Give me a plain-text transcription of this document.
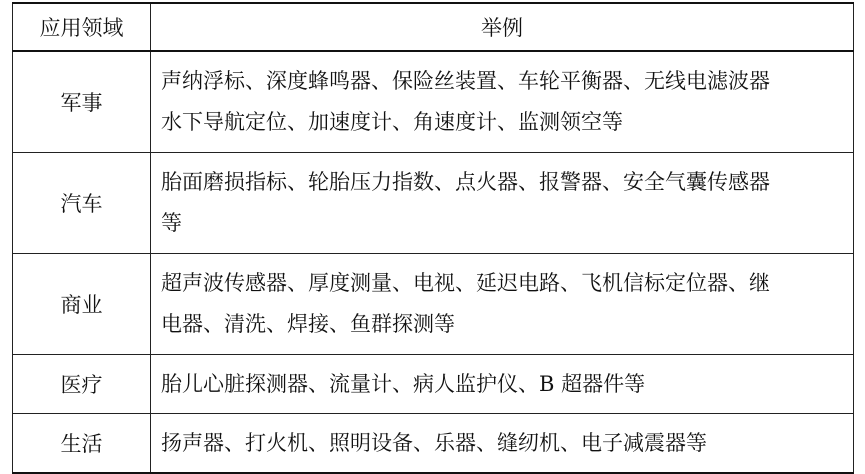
应用领域	举例
军事	声纳浮标、深度蜂鸣器、保险丝装置、车轮平衡器、无线电滤波器
水下导航定位、加速度计、角速度计、监测领空等
汽车	胎面磨损指标、轮胎压力指数、点火器、报警器、安全气囊传感器
等
商业	超声波传感器、厚度测量、电视、延迟电路、飞机信标定位器、继
电器、清洗、焊接、鱼群探测等
医疗	胎儿心脏探测器、流量计、病人监护仪、B 超器件等
生活	扬声器、打火机、照明设备、乐器、缝纫机、电子减震器等
